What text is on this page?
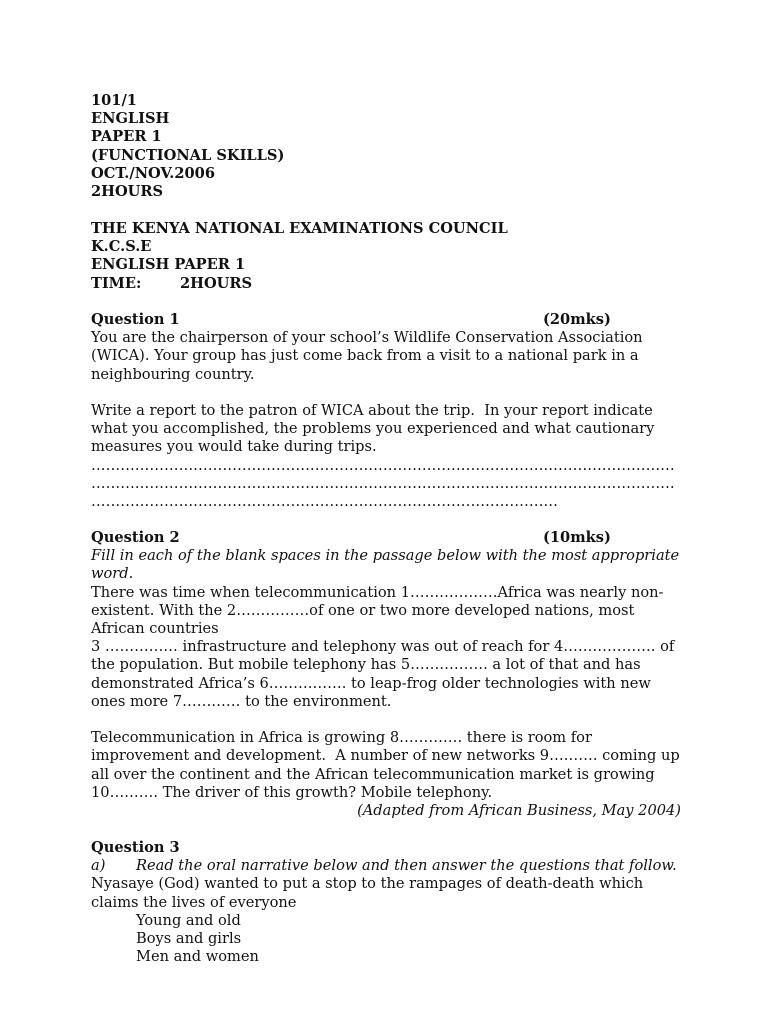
101/1
ENGLISH
PAPER 1
(FUNCTIONAL SKILLS)
OCT./NOV.2006
2HOURS
THE KENYA NATIONAL EXAMINATIONS COUNCIL
K.C.S.E
ENGLISH PAPER 1
TIME:	2HOURS
Question 1	(20mks)
You are the chairperson of your school’s Wildlife Conservation Association
(WICA). Your group has just come back from a visit to a national park in a
neighbouring country.
Write a report to the patron of WICA about the trip.  In your report indicate
what you accomplished, the problems you experienced and what cautionary
measures you would take during trips.
…………………………………………………………………………………………………………
…………………………………………………………………………………………………………
……………………………………………………………………………………
Question 2	(10mks)
Fill in each of the blank spaces in the passage below with the most appropriate
word.
There was time when telecommunication 1………………Africa was nearly non-
existent. With the 2……………of one or two more developed nations, most
African countries
3 …………… infrastructure and telephony was out of reach for 4………………. of
the population. But mobile telephony has 5……………. a lot of that and has
demonstrated Africa’s 6……………. to leap-frog older technologies with new
ones more 7………… to the environment.
Telecommunication in Africa is growing 8…………. there is room for
improvement and development.  A number of new networks 9………. coming up
all over the continent and the African telecommunication market is growing
10………. The driver of this growth? Mobile telephony.
(Adapted from African Business, May 2004)
Question 3
a) Read the oral narrative below and then answer the questions that follow.
Nyasaye (God) wanted to put a stop to the rampages of death-death which
claims the lives of everyone
Young and old
Boys and girls
Men and women
